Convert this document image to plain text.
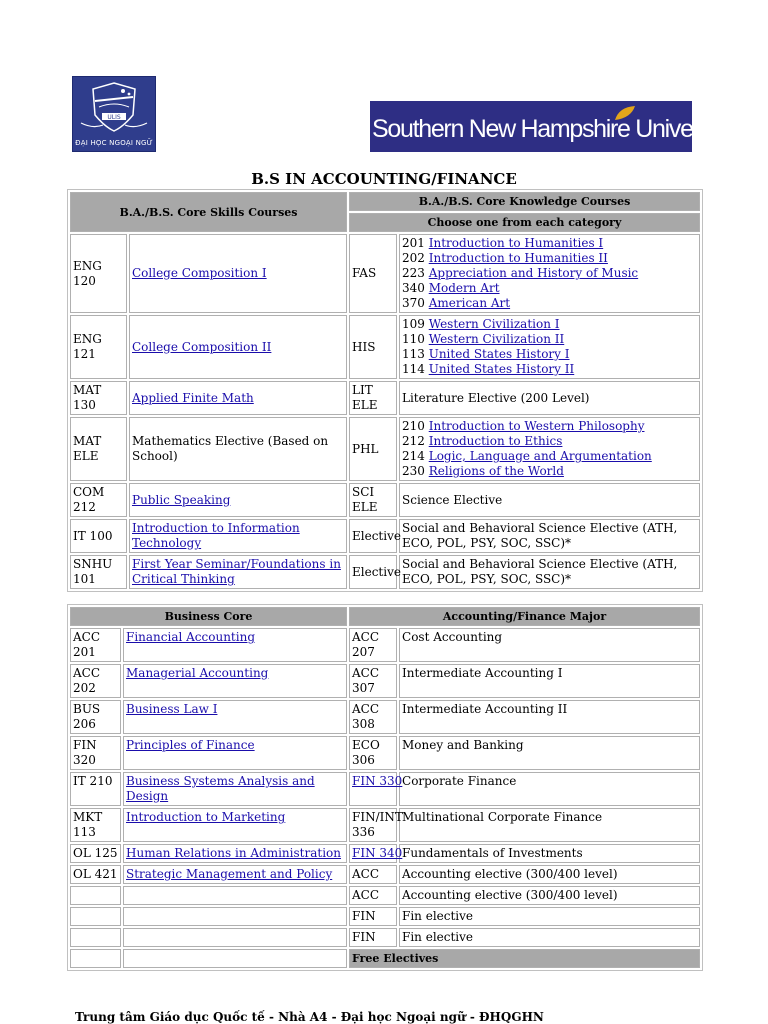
ULIS
ĐẠI HỌC NGOẠI NGỮ	Southern New Hampshire University
B.S IN ACCOUNTING/FINANCE
B.A./B.S. Core Skills Courses		B.A./B.S. Core Knowledge Courses	
		Choose one from each category	
ENG 120	College Composition I	FAS	201 Introduction to Humanities I
202 Introduction to Humanities II
223 Appreciation and History of Music
340 Modern Art
370 American Art

ENG 121	College Composition II	HIS	109 Western Civilization I
110 Western Civilization II
113 United States History I
114 United States History II

MAT 130	Applied Finite Math	LIT ELE	Literature Elective (200 Level)
MAT ELE	Mathematics Elective (Based on School)	PHL	210 Introduction to Western Philosophy
212 Introduction to Ethics
214 Logic, Language and Argumentation
230 Religions of the World

COM 212	Public Speaking	SCI ELE	Science Elective
IT 100	Introduction to Information Technology	Elective	Social and Behavioral Science Elective (ATH, ECO, POL, PSY, SOC, SSC)*
SNHU 101	First Year Seminar/Foundations in Critical Thinking	Elective	Social and Behavioral Science Elective (ATH, ECO, POL, PSY, SOC, SSC)*
Business Core		Accounting/Finance Major	
ACC 201	Financial Accounting	ACC 207	Cost Accounting
ACC 202	Managerial Accounting	ACC 307	Intermediate Accounting I
BUS 206	Business Law I	ACC 308	Intermediate Accounting II
FIN 320	Principles of Finance	ECO 306	Money and Banking
IT 210	Business Systems Analysis and Design	FIN 330	Corporate Finance
MKT 113	Introduction to Marketing	FIN/INT 336	Multinational Corporate Finance
OL 125	Human Relations in Administration	FIN 340	Fundamentals of Investments
OL 421	Strategic Management and Policy	ACC	Accounting elective (300/400 level)
		ACC	Accounting elective (300/400 level)
		FIN	Fin elective
		FIN	Fin elective
		Free Electives	
Trung tâm Giáo dục Quốc tế - Nhà A4 - Đại học Ngoại ngữ - ĐHQGHN
